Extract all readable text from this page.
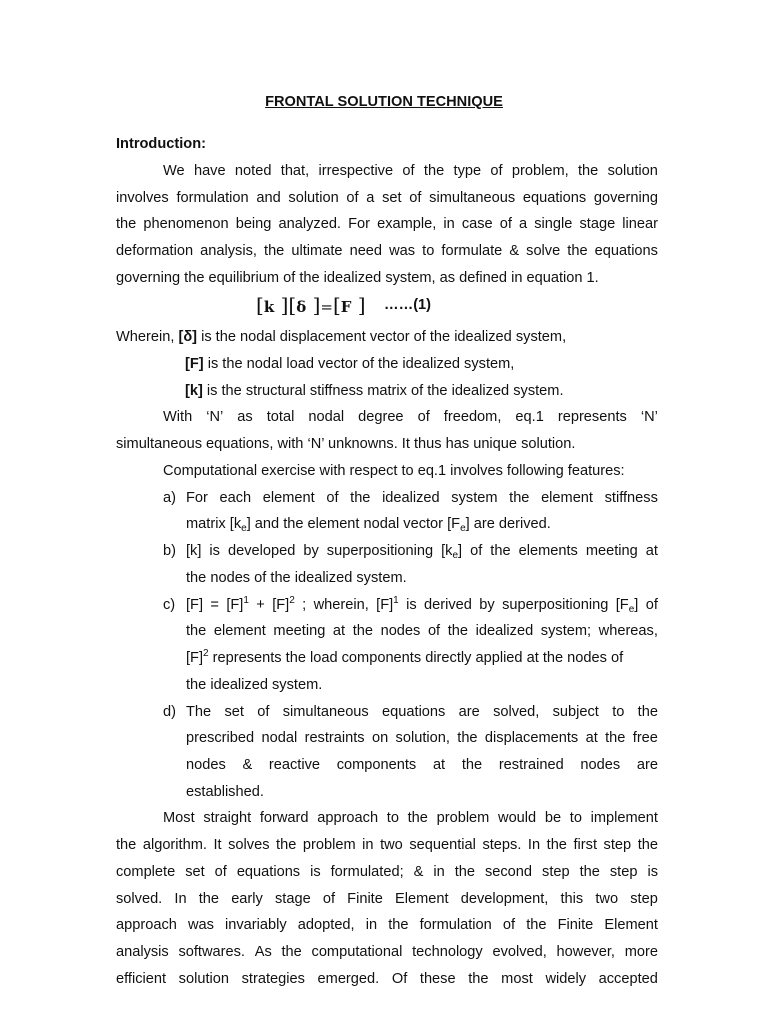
FRONTAL SOLUTION TECHNIQUE
Introduction:
We have noted that, irrespective of the type of problem, the solution
involves formulation and solution of a set of simultaneous equations governing
the phenomenon being analyzed. For example, in case of a single stage linear
deformation analysis, the ultimate need was to formulate & solve the equations
governing the equilibrium of the idealized system, as defined in equation 1.
[k ][δ ]=[F ] ……(1)
Wherein, [δ] is the nodal displacement vector of the idealized system,
[F] is the nodal load vector of the idealized system,
[k] is the structural stiffness matrix of the idealized system.
With ‘N’ as total nodal degree of freedom, eq.1 represents ‘N’
simultaneous equations, with ‘N’ unknowns. It thus has unique solution.
Computational exercise with respect to eq.1 involves following features:
a) For each element of the idealized system the element stiffness
matrix $[k_e]$ and the element nodal vector $[F_e]$ are derived.
b) [k] is developed by superpositioning $[k_e]$ of the elements meeting at
the nodes of the idealized system.
c) $[F] = [F]^1 + [F]^2$ ; wherein, $[F]^1$ is derived by superpositioning $[F_e]$ of
the element meeting at the nodes of the idealized system; whereas,
$[F]^2$ represents the load components directly applied at the nodes of
the idealized system.
d) The set of simultaneous equations are solved, subject to the
prescribed nodal restraints on solution, the displacements at the free
nodes & reactive components at the restrained nodes are
established.
Most straight forward approach to the problem would be to implement
the algorithm. It solves the problem in two sequential steps. In the first step the
complete set of equations is formulated; & in the second step the step is
solved. In the early stage of Finite Element development, this two step
approach was invariably adopted, in the formulation of the Finite Element
analysis softwares. As the computational technology evolved, however, more
efficient solution strategies emerged. Of these the most widely accepted
